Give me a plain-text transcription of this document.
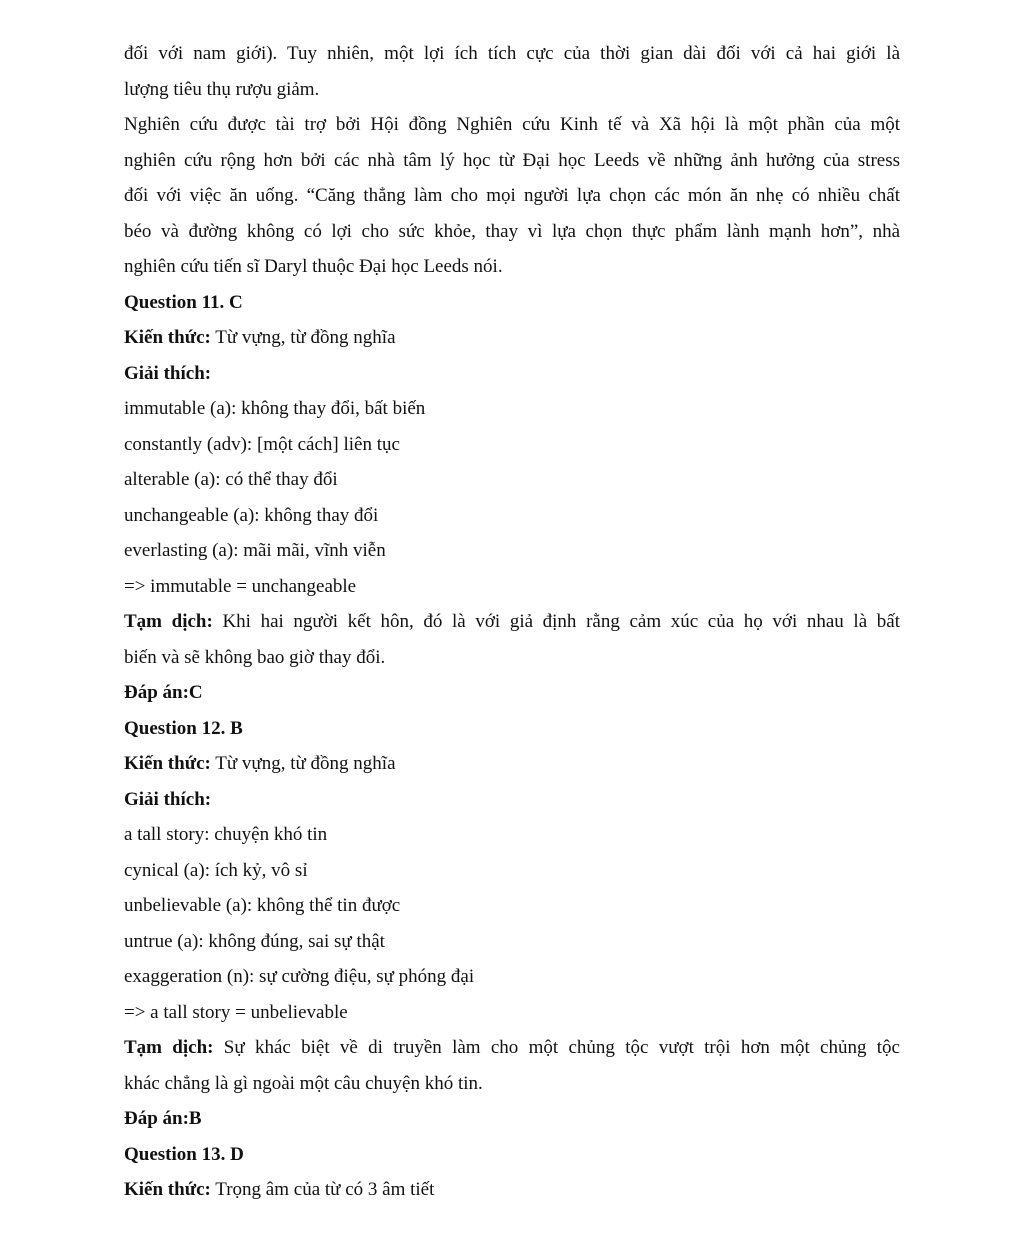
đối với nam giới). Tuy nhiên, một lợi ích tích cực của thời gian dài đối với cả hai giới là
lượng tiêu thụ rượu giảm.
Nghiên cứu được tài trợ bởi Hội đồng Nghiên cứu Kinh tế và Xã hội là một phần của một
nghiên cứu rộng hơn bởi các nhà tâm lý học từ Đại học Leeds về những ảnh hưởng của stress
đối với việc ăn uống. “Căng thẳng làm cho mọi người lựa chọn các món ăn nhẹ có nhiều chất
béo và đường không có lợi cho sức khỏe, thay vì lựa chọn thực phẩm lành mạnh hơn”, nhà
nghiên cứu tiến sĩ Daryl thuộc Đại học Leeds nói.
Question 11. C
Kiến thức: Từ vựng, từ đồng nghĩa
Giải thích:
immutable (a): không thay đổi, bất biến
constantly (adv): [một cách] liên tục
alterable (a): có thể thay đổi
unchangeable (a): không thay đổi
everlasting (a): mãi mãi, vĩnh viễn
=> immutable = unchangeable
Tạm dịch: Khi hai người kết hôn, đó là với giả định rằng cảm xúc của họ với nhau là bất
biến và sẽ không bao giờ thay đổi.
Đáp án:C
Question 12. B
Kiến thức: Từ vựng, từ đồng nghĩa
Giải thích:
a tall story: chuyện khó tin
cynical (a): ích kỷ, vô sỉ
unbelievable (a): không thể tin được
untrue (a): không đúng, sai sự thật
exaggeration (n): sự cường điệu, sự phóng đại
=> a tall story = unbelievable
Tạm dịch: Sự khác biệt về di truyền làm cho một chủng tộc vượt trội hơn một chủng tộc
khác chẳng là gì ngoài một câu chuyện khó tin.
Đáp án:B
Question 13. D
Kiến thức: Trọng âm của từ có 3 âm tiết
